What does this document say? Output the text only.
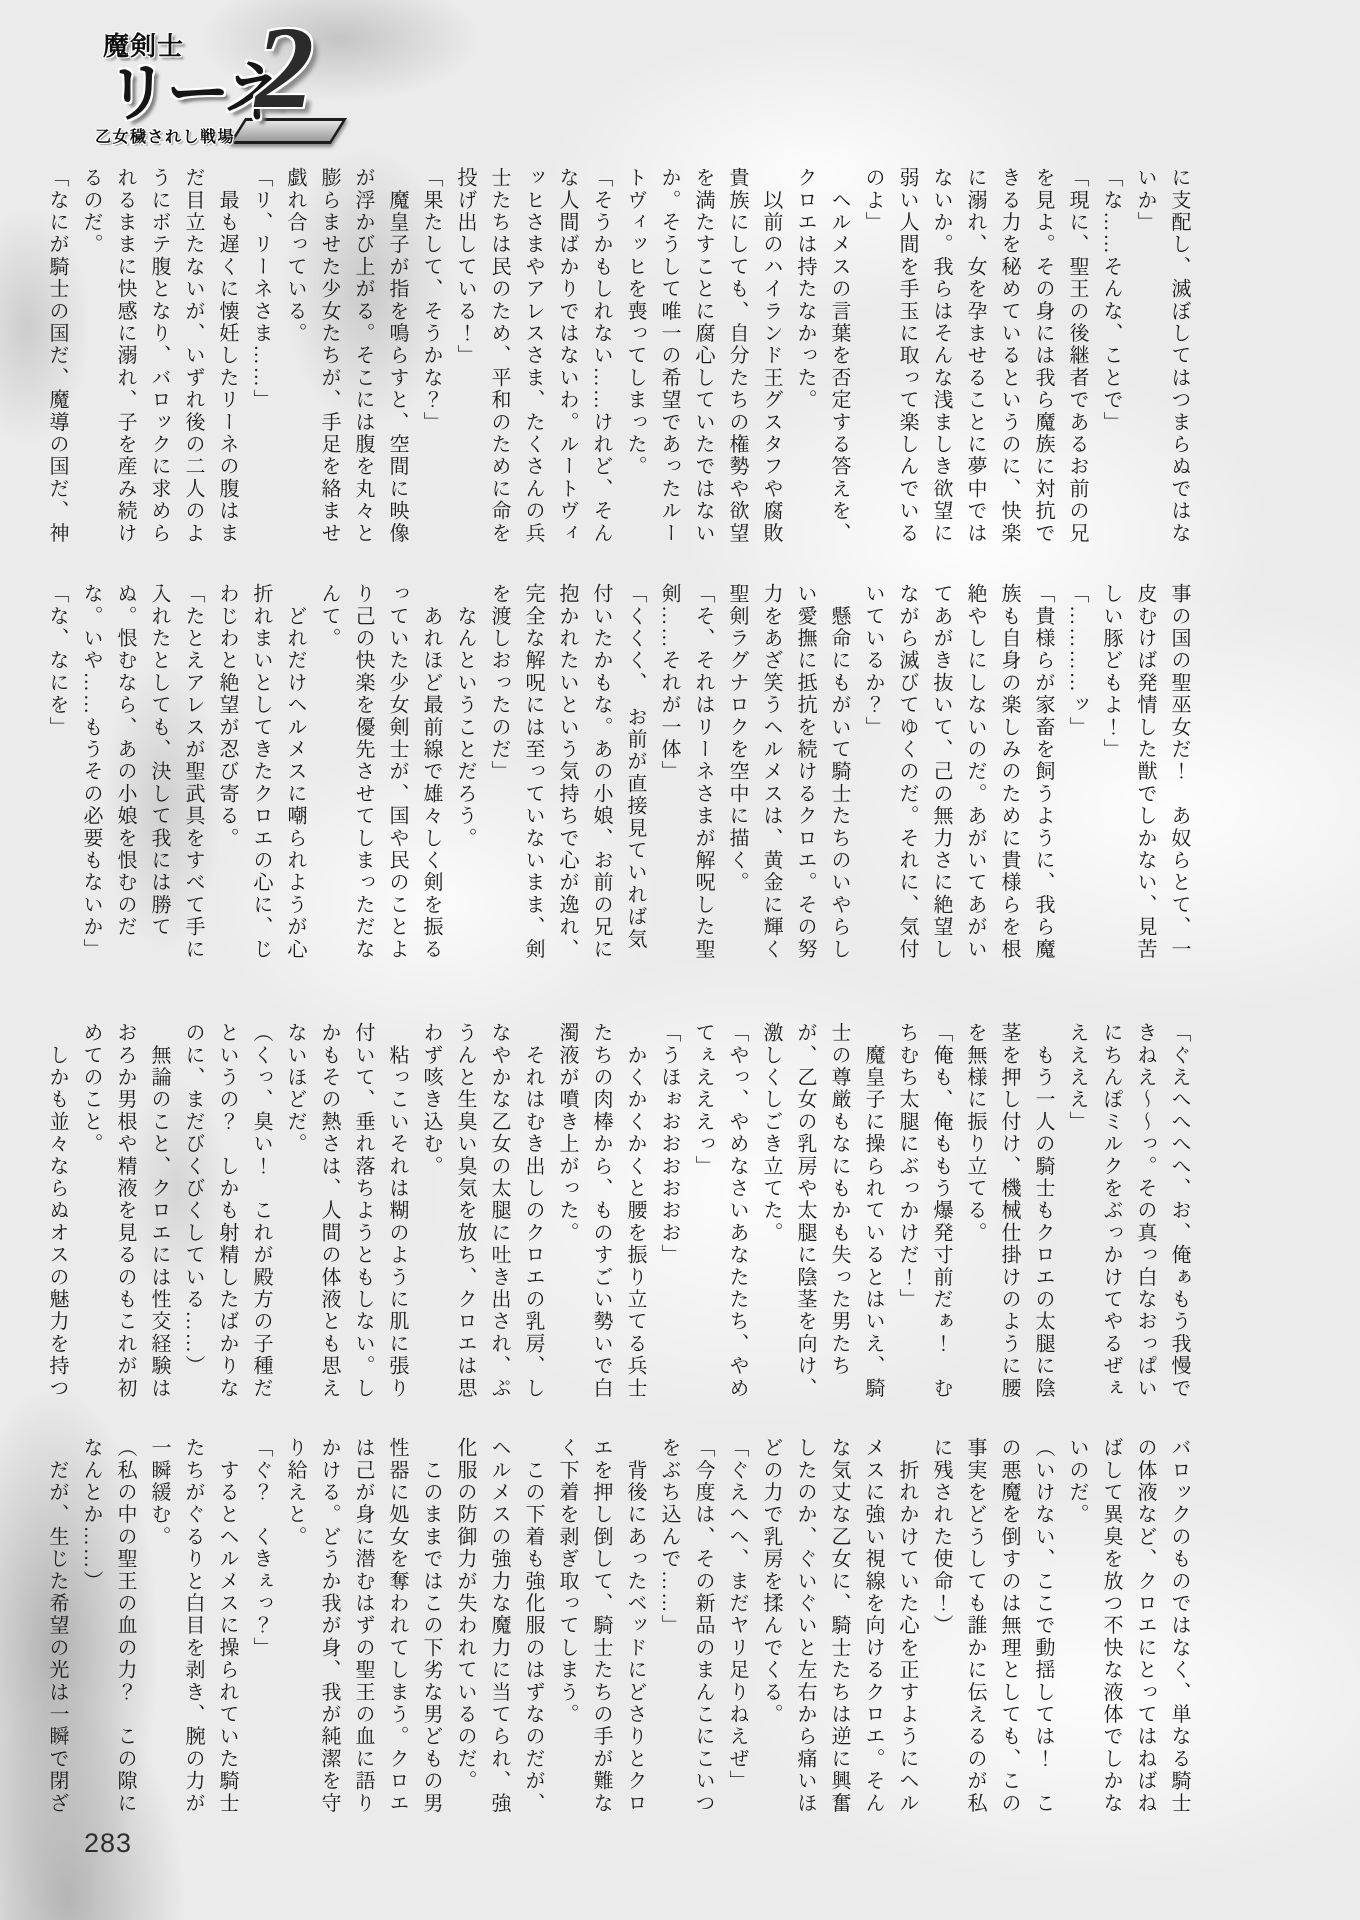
魔剣士
リーネ
2
乙女穢されし戦場

に支配し、滅ぼしてはつまらぬではないか」

「な……そんな、ことで」

「現に、聖王の後継者であるお前の兄を見よ。その身には我ら魔族に対抗できる力を秘めているというのに、快楽に溺れ、女を孕ませることに夢中ではないか。我らはそんな浅ましき欲望に弱い人間を手玉に取って楽しんでいるのよ」

　ヘルメスの言葉を否定する答えを、クロエは持たなかった。

　以前のハイランド王グスタフや腐敗貴族にしても、自分たちの権勢や欲望を満たすことに腐心していたではないか。そうして唯一の希望であったルートヴィッヒを喪ってしまった。

「そうかもしれない……けれど、そんな人間ばかりではないわ。ルートヴィッヒさまやアレスさま、たくさんの兵士たちは民のため、平和のために命を投げ出している！」

「果たして、そうかな？」

　魔皇子が指を鳴らすと、空間に映像が浮かび上がる。そこには腹を丸々と膨らませた少女たちが、手足を絡ませ戯れ合っている。

「リ、リーネさま……」

　最も遅くに懐妊したリーネの腹はまだ目立たないが、いずれ後の二人のようにボテ腹となり、バロックに求められるままに快感に溺れ、子を産み続けるのだ。

「なにが騎士の国だ、魔導の国だ、神

事の国の聖巫女だ！　あ奴らとて、一皮むけば発情した獣でしかない、見苦しい豚どもよ！」

「…………ッ」

「貴様らが家畜を飼うように、我ら魔族も自身の楽しみのために貴様らを根絶やしにしないのだ。あがいてあがいてあがき抜いて、己の無力さに絶望しながら滅びてゆくのだ。それに、気付いているか？」

　懸命にもがいて騎士たちのいやらしい愛撫に抵抗を続けるクロエ。その努力をあざ笑うヘルメスは、黄金に輝く聖剣ラグナロクを空中に描く。

「そ、それはリーネさまが解呪した聖剣……それが一体」

「くくく、　お前が直接見ていれば気付いたかもな。あの小娘、お前の兄に抱かれたいという気持ちで心が逸れ、完全な解呪には至っていないまま、剣を渡しおったのだ」

　なんということだろう。

　あれほど最前線で雄々しく剣を振るっていた少女剣士が、国や民のことより己の快楽を優先させてしまっただなんて。

　どれだけヘルメスに嘲られようが心折れまいとしてきたクロエの心に、じわじわと絶望が忍び寄る。

「たとえアレスが聖武具をすべて手に入れたとしても、決して我には勝てぬ。恨むなら、あの小娘を恨むのだな。いや……もうその必要もないか」

「な、なにを」

「ぐえへへへへ、お、俺ぁもう我慢できねえ～～っ。その真っ白なおっぱいにちんぽミルクをぶっかけてやるぜぇええええ」

　もう一人の騎士もクロエの太腿に陰茎を押し付け、機械仕掛けのように腰を無様に振り立てる。

「俺も、俺ももう爆発寸前だぁ！　むちむち太腿にぶっかけだ！」

　魔皇子に操られているとはいえ、騎士の尊厳もなにもかも失った男たちが、乙女の乳房や太腿に陰茎を向け、激しくしごき立てた。

「やっ、やめなさいあなたたち、やめてぇえええっ」

「うほぉおおおおおお」

　かくかくかくと腰を振り立てる兵士たちの肉棒から、ものすごい勢いで白濁液が噴き上がった。

　それはむき出しのクロエの乳房、しなやかな乙女の太腿に吐き出され、ぷうんと生臭い臭気を放ち、クロエは思わず咳き込む。

　粘っこいそれは糊のように肌に張り付いて、垂れ落ちようともしない。しかもその熱さは、人間の体液とも思えないほどだ。

（くっ、臭い！　これが殿方の子種だというの？　しかも射精したばかりなのに、まだびくびくしている……）

　無論のこと、クロエには性交経験はおろか男根や精液を見るのもこれが初めてのこと。

　しかも並々ならぬオスの魅力を持つ

バロックのものではなく、単なる騎士の体液など、クロエにとってはねばねばして異臭を放つ不快な液体でしかないのだ。

（いけない、ここで動揺しては！　この悪魔を倒すのは無理としても、この事実をどうしても誰かに伝えるのが私に残された使命！）

　折れかけていた心を正すようにヘルメスに強い視線を向けるクロエ。そんな気丈な乙女に、騎士たちは逆に興奮したのか、ぐいぐいと左右から痛いほどの力で乳房を揉んでくる。

「ぐえへへ、まだヤリ足りねえぜ」

「今度は、その新品のまんこにこいつをぶち込んで……」

　背後にあったベッドにどさりとクロエを押し倒して、騎士たちの手が難なく下着を剥ぎ取ってしまう。

　この下着も強化服のはずなのだが、ヘルメスの強力な魔力に当てられ、強化服の防御力が失われているのだ。

　このままではこの下劣な男どもの男性器に処女を奪われてしまう。クロエは己が身に潜むはずの聖王の血に語りかける。どうか我が身、我が純潔を守り給えと。

「ぐ？　くきぇっ？」

　するとヘルメスに操られていた騎士たちがぐるりと白目を剥き、腕の力が一瞬緩む。

（私の中の聖王の血の力？　この隙になんとか……）

　だが、生じた希望の光は一瞬で閉ざ

283
